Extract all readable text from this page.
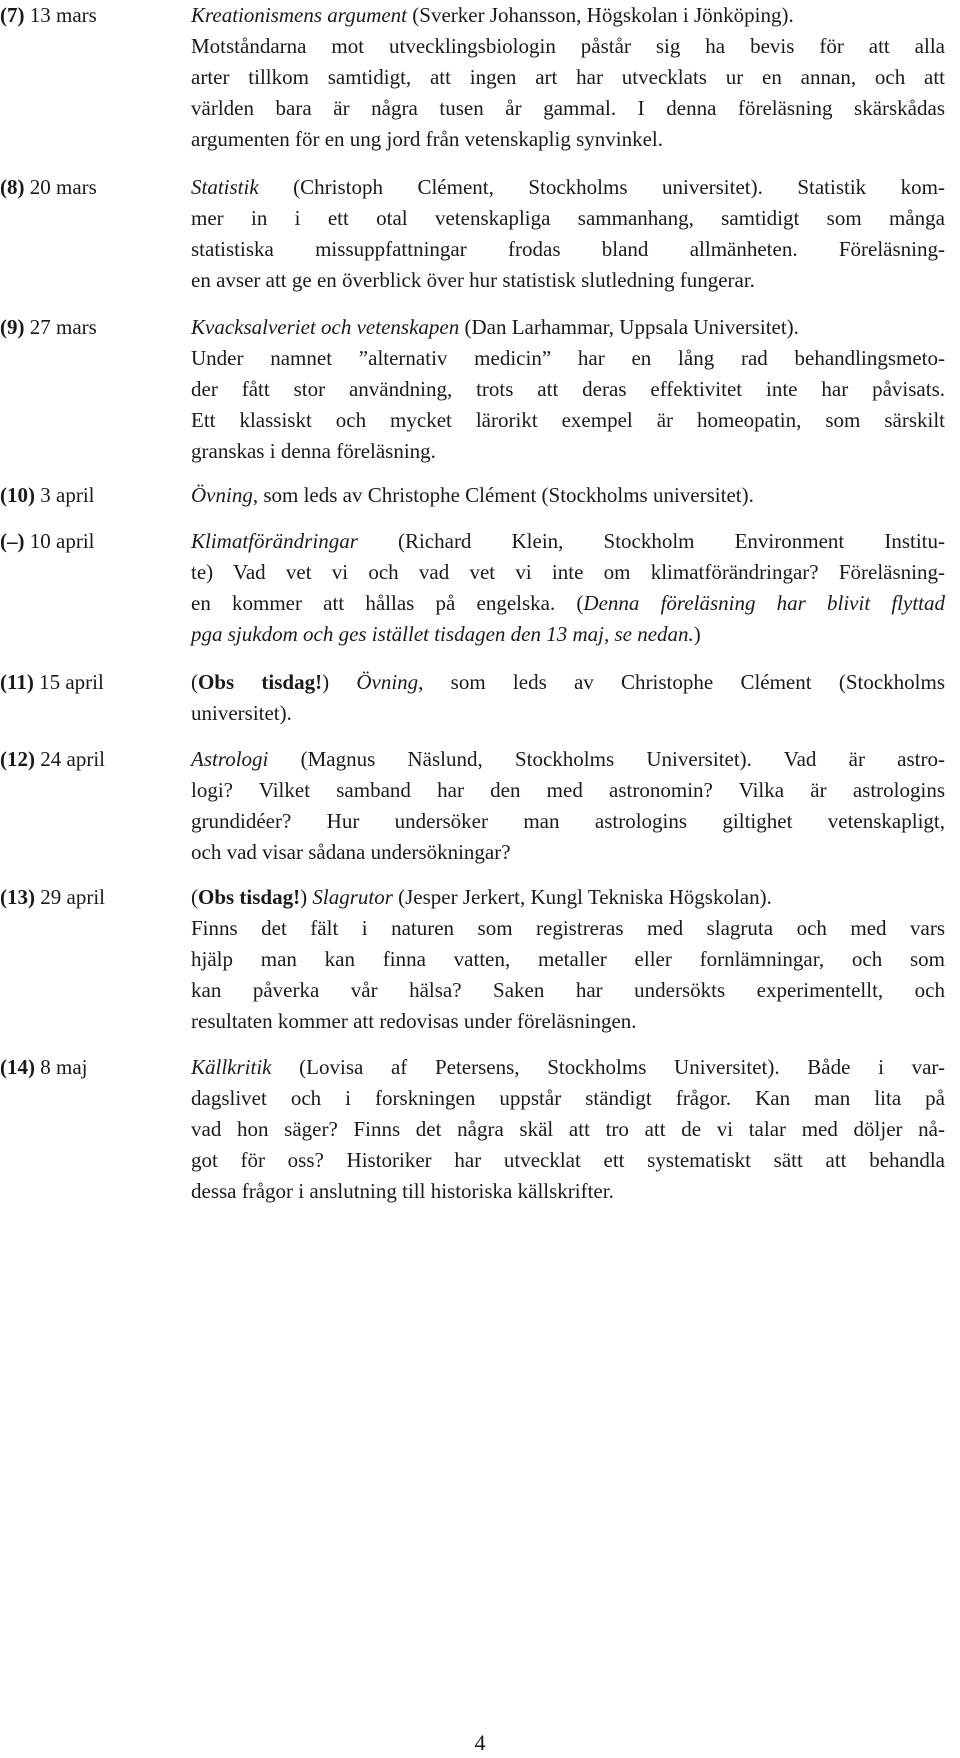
4
(7) 13 mars	Kreationismens argument (Sverker Johansson, Högskolan i Jönköping).
Motståndarna mot utvecklingsbiologin påstår sig ha bevis för att alla
arter tillkom samtidigt, att ingen art har utvecklats ur en annan, och att
världen bara är några tusen år gammal. I denna föreläsning skärskådas
argumenten för en ung jord från vetenskaplig synvinkel.
(8) 20 mars	Statistik (Christoph Clément, Stockholms universitet). Statistik kom-
mer in i ett otal vetenskapliga sammanhang, samtidigt som många
statistiska missuppfattningar frodas bland allmänheten. Föreläsning-
en avser att ge en överblick över hur statistisk slutledning fungerar.
(9) 27 mars	Kvacksalveriet och vetenskapen (Dan Larhammar, Uppsala Universitet).
Under namnet ”alternativ medicin” har en lång rad behandlingsmeto-
der fått stor användning, trots att deras effektivitet inte har påvisats.
Ett klassiskt och mycket lärorikt exempel är homeopatin, som särskilt
granskas i denna föreläsning.
(10) 3 april	Övning, som leds av Christophe Clément (Stockholms universitet).
(–) 10 april	Klimatförändringar (Richard Klein, Stockholm Environment Institu-
te) Vad vet vi och vad vet vi inte om klimatförändringar? Föreläsning-
en kommer att hållas på engelska. (Denna föreläsning har blivit flyttad
pga sjukdom och ges istället tisdagen den 13 maj, se nedan.)
(11) 15 april	(Obs tisdag!) Övning, som leds av Christophe Clément (Stockholms
universitet).
(12) 24 april	Astrologi (Magnus Näslund, Stockholms Universitet). Vad är astro-
logi? Vilket samband har den med astronomin? Vilka är astrologins
grundidéer? Hur undersöker man astrologins giltighet vetenskapligt,
och vad visar sådana undersökningar?
(13) 29 april	(Obs tisdag!) Slagrutor (Jesper Jerkert, Kungl Tekniska Högskolan).
Finns det fält i naturen som registreras med slagruta och med vars
hjälp man kan finna vatten, metaller eller fornlämningar, och som
kan påverka vår hälsa? Saken har undersökts experimentellt, och
resultaten kommer att redovisas under föreläsningen.
(14) 8 maj	Källkritik (Lovisa af Petersens, Stockholms Universitet). Både i var-
dagslivet och i forskningen uppstår ständigt frågor. Kan man lita på
vad hon säger? Finns det några skäl att tro att de vi talar med döljer nå-
got för oss? Historiker har utvecklat ett systematiskt sätt att behandla
dessa frågor i anslutning till historiska källskrifter.
